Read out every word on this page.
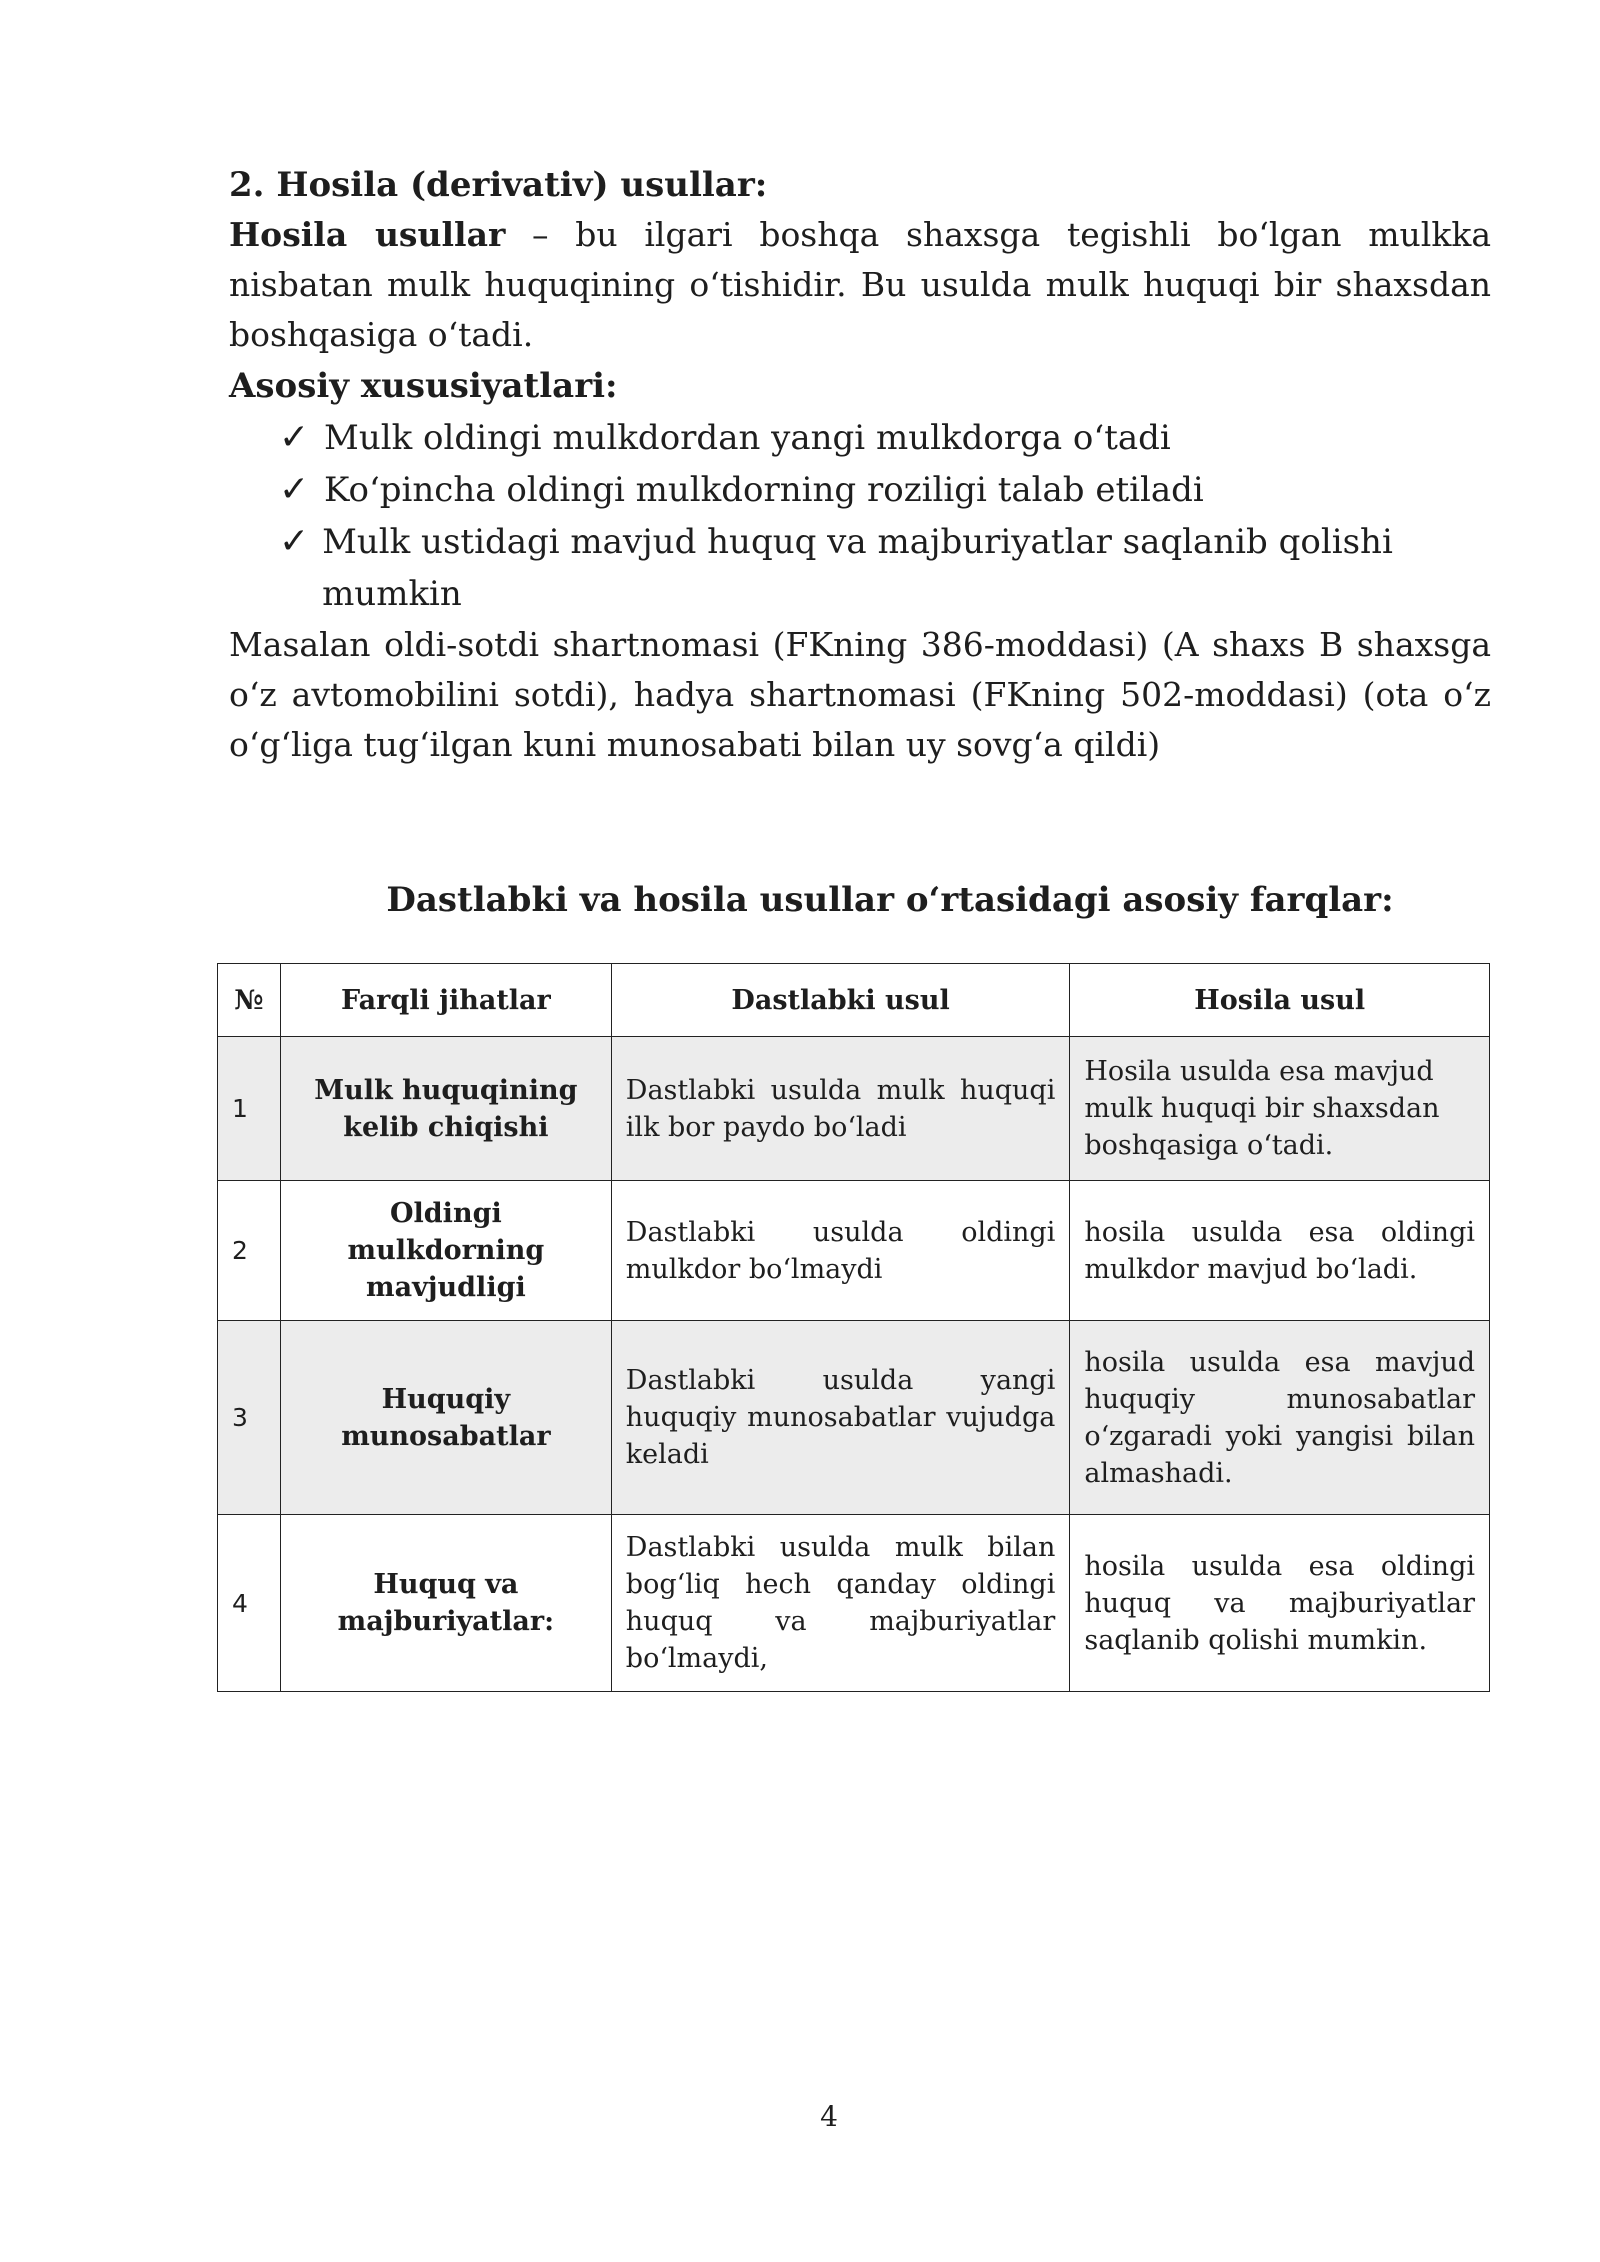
2. Hosila (derivativ) usullar:

Hosila usullar – bu ilgari boshqa shaxsga tegishli bo‘lgan mulkka nisbatan mulk huquqining o‘tishidir. Bu usulda mulk huquqi bir shaxsdan boshqasiga o‘tadi.

Asosiy xususiyatlari:

✓ Mulk oldingi mulkdordan yangi mulkdorga o‘tadi
✓ Ko‘pincha oldingi mulkdorning roziligi talab etiladi
✓ Mulk ustidagi mavjud huquq va majburiyatlar saqlanib qolishi mumkin

Masalan oldi-sotdi shartnomasi (FKning 386-moddasi) (A shaxs B shaxsga o‘z avtomobilini sotdi), hadya shartnomasi (FKning 502-moddasi) (ota o‘z o‘g‘liga tug‘ilgan kuni munosabati bilan uy sovg‘a qildi)

Dastlabki va hosila usullar o‘rtasidagi asosiy farqlar:

№	Farqli jihatlar	Dastlabki usul	Hosila usul
1	Mulk huquqining kelib chiqishi	Dastlabki usulda mulk huquqi ilk bor paydo bo‘ladi	Hosila usulda esa mavjud mulk huquqi bir shaxsdan boshqasiga o‘tadi.
2	Oldingi mulkdorning mavjudligi	Dastlabki usulda oldingi mulkdor bo‘lmaydi	hosila usulda esa oldingi mulkdor mavjud bo‘ladi.
3	Huquqiy munosabatlar	Dastlabki usulda yangi huquqiy munosabatlar vujudga keladi	hosila usulda esa mavjud huquqiy munosabatlar o‘zgaradi yoki yangisi bilan almashadi.
4	Huquq va majburiyatlar:	Dastlabki usulda mulk bilan bog‘liq hech qanday oldingi huquq va majburiyatlar bo‘lmaydi,	hosila usulda esa oldingi huquq va majburiyatlar saqlanib qolishi mumkin.
4
